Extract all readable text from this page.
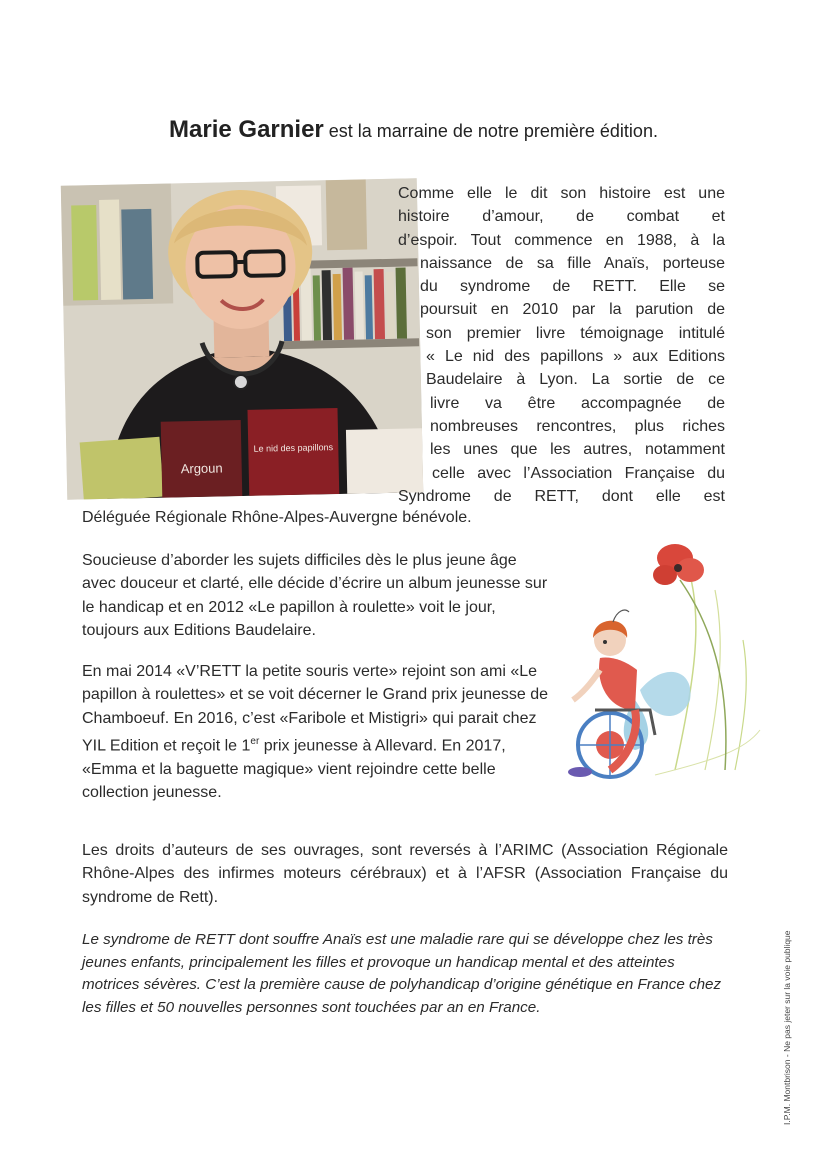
Marie Garnier est la marraine de notre première édition.
Argoun
Le nid des papillons
Comme elle le dit son histoire est une
histoire d’amour, de combat et
d’espoir. Tout commence en 1988, à la
naissance de sa fille Anaïs, porteuse
du syndrome de RETT. Elle se
poursuit en 2010 par la parution de
son premier livre témoignage intitulé
« Le nid des papillons » aux Editions
Baudelaire à Lyon. La sortie de ce
livre va être accompagnée de
nombreuses rencontres, plus riches
les unes que les autres, notamment
celle avec l’Association Française du
Syndrome de RETT, dont elle est
Déléguée Régionale Rhône-Alpes-Auvergne bénévole.

Soucieuse d’aborder les sujets difficiles dès le plus jeune âge avec douceur et clarté, elle décide d’écrire un album jeunesse sur le handicap et en 2012 «Le papillon à roulette» voit le jour, toujours aux Editions Baudelaire.

En mai 2014 «V’RETT la petite souris verte» rejoint son ami «Le papillon à roulettes» et se voit décerner le Grand prix jeunesse de Chamboeuf. En 2016, c’est «Faribole et Mistigri» qui parait chez YIL Edition et reçoit le 1er prix jeunesse à Allevard. En 2017, «Emma et la baguette magique» vient rejoindre cette belle collection jeunesse.

Les droits d’auteurs de ses ouvrages, sont reversés à l’ARIMC (Association Régionale Rhône-Alpes des infirmes moteurs cérébraux) et à l’AFSR (Association Française du syndrome de Rett).

Le syndrome de RETT dont souffre Anaïs est une maladie rare qui se développe chez les très jeunes enfants, principalement les filles et provoque un handicap mental et des atteintes motrices sévères. C’est la première cause de polyhandicap d’origine génétique en France chez les filles et 50 nouvelles personnes sont touchées par an en France.	I.P.M. Montbrison - Ne pas jeter sur la voie publique
